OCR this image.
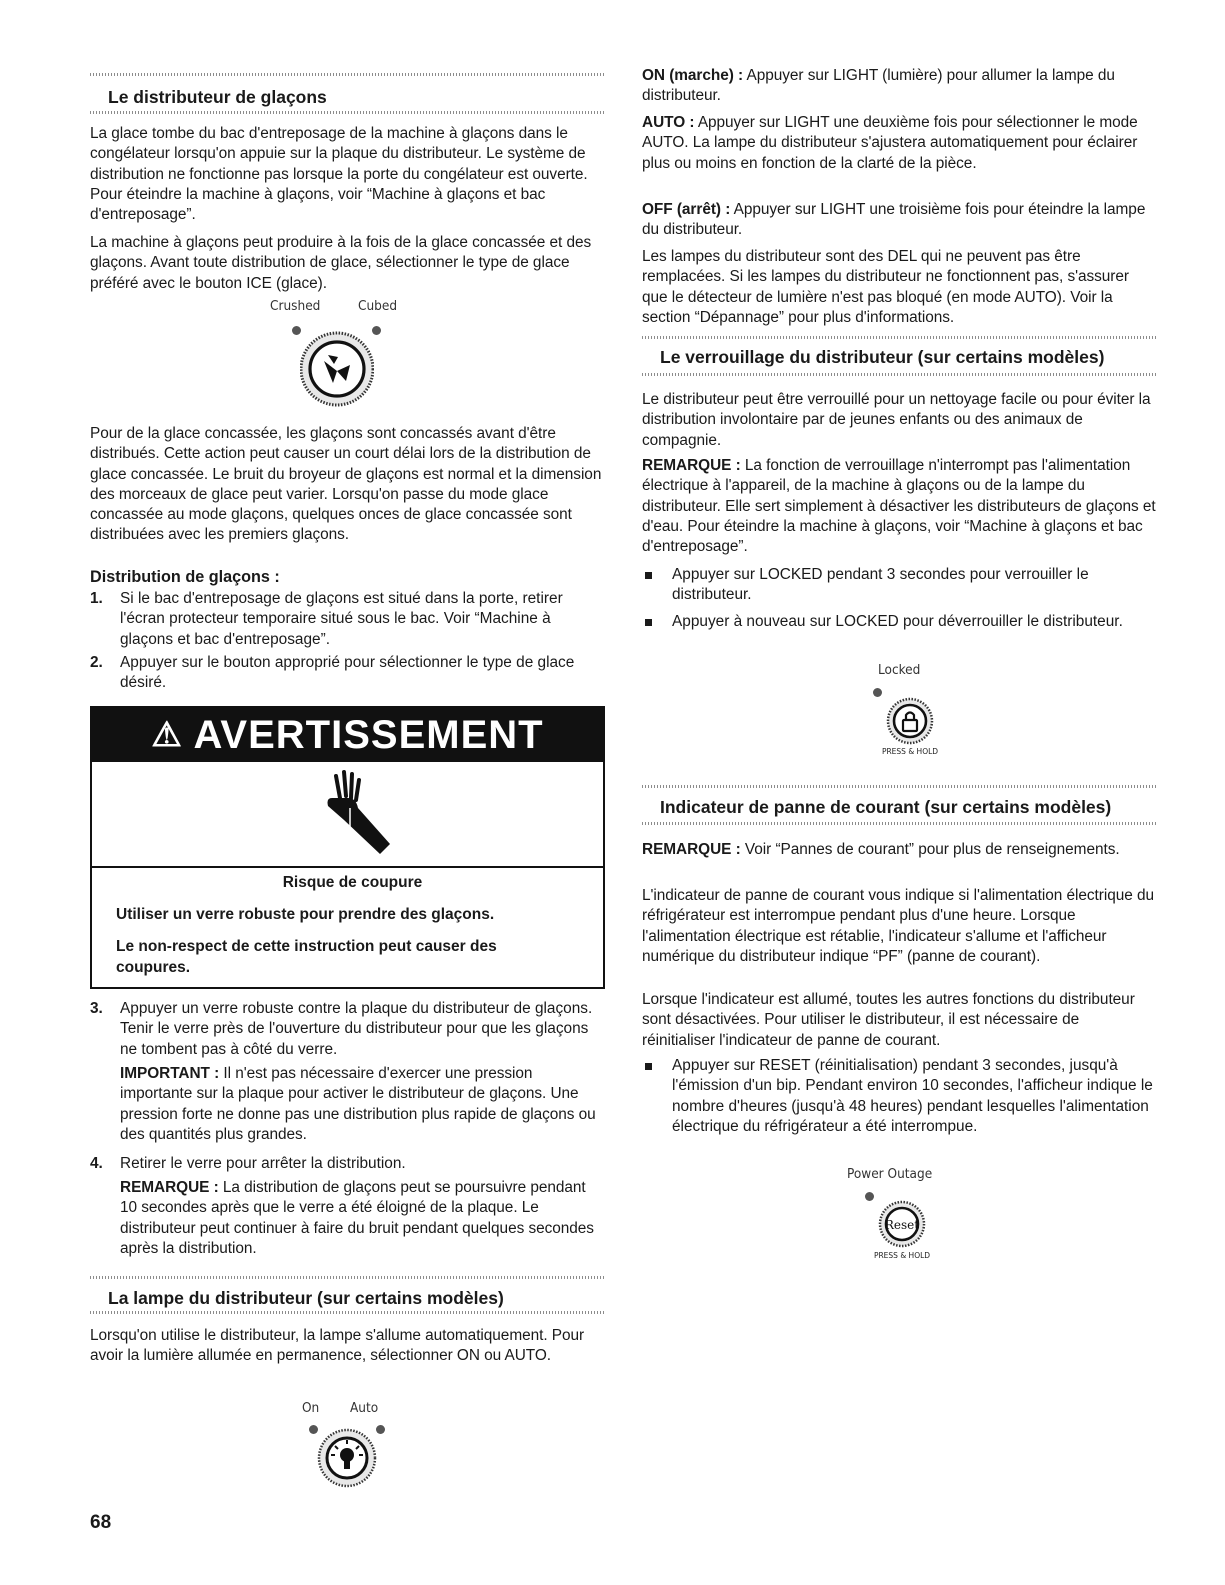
Le distributeur de glaçons

La glace tombe du bac d'entreposage de la machine à glaçons dans le congélateur lorsqu'on appuie sur la plaque du distributeur. Le système de distribution ne fonctionne pas lorsque la porte du congélateur est ouverte. Pour éteindre la machine à glaçons, voir “Machine à glaçons et bac d'entreposage”.

La machine à glaçons peut produire à la fois de la glace concassée et des glaçons. Avant toute distribution de glace, sélectionner le type de glace préféré avec le bouton ICE (glace).

Crushed	Cubed

Pour de la glace concassée, les glaçons sont concassés avant d'être distribués. Cette action peut causer un court délai lors de la distribution de glace concassée. Le bruit du broyeur de glaçons est normal et la dimension des morceaux de glace peut varier. Lorsqu'on passe du mode glace concassée au mode glaçons, quelques onces de glace concassée sont distribuées avec les premiers glaçons.

Distribution de glaçons :
1. Si le bac d'entreposage de glaçons est situé dans la porte, retirer l'écran protecteur temporaire situé sous le bac. Voir “Machine à glaçons et bac d'entreposage”.
2. Appuyer sur le bouton approprié pour sélectionner le type de glace désiré.
⚠ AVERTISSEMENT
Risque de coupure
Utiliser un verre robuste pour prendre des glaçons.
Le non-respect de cette instruction peut causer des coupures.
3. Appuyer un verre robuste contre la plaque du distributeur de glaçons. Tenir le verre près de l'ouverture du distributeur pour que les glaçons ne tombent pas à côté du verre.

IMPORTANT : Il n'est pas nécessaire d'exercer une pression importante sur la plaque pour activer le distributeur de glaçons. Une pression forte ne donne pas une distribution plus rapide de glaçons ou des quantités plus grandes.

4. Retirer le verre pour arrêter la distribution.

REMARQUE : La distribution de glaçons peut se poursuivre pendant 10 secondes après que le verre a été éloigné de la plaque. Le distributeur peut continuer à faire du bruit pendant quelques secondes après la distribution.

La lampe du distributeur (sur certains modèles)

Lorsqu'on utilise le distributeur, la lampe s'allume automatiquement. Pour avoir la lumière allumée en permanence, sélectionner ON ou AUTO.

On Auto

ON (marche) : Appuyer sur LIGHT (lumière) pour allumer la lampe du distributeur.

AUTO : Appuyer sur LIGHT une deuxième fois pour sélectionner le mode AUTO. La lampe du distributeur s'ajustera automatiquement pour éclairer plus ou moins en fonction de la clarté de la pièce.

OFF (arrêt) : Appuyer sur LIGHT une troisième fois pour éteindre la lampe du distributeur.

Les lampes du distributeur sont des DEL qui ne peuvent pas être remplacées. Si les lampes du distributeur ne fonctionnent pas, s'assurer que le détecteur de lumière n'est pas bloqué (en mode AUTO). Voir la section “Dépannage” pour plus d'informations.

Le verrouillage du distributeur (sur certains modèles)

Le distributeur peut être verrouillé pour un nettoyage facile ou pour éviter la distribution involontaire par de jeunes enfants ou des animaux de compagnie.

REMARQUE : La fonction de verrouillage n'interrompt pas l'alimentation électrique à l'appareil, de la machine à glaçons ou de la lampe du distributeur. Elle sert simplement à désactiver les distributeurs de glaçons et d'eau. Pour éteindre la machine à glaçons, voir “Machine à glaçons et bac d'entreposage”.

Appuyer sur LOCKED pendant 3 secondes pour verrouiller le distributeur.
Appuyer à nouveau sur LOCKED pour déverrouiller le distributeur.
Locked
PRESS & HOLD
Indicateur de panne de courant (sur certains modèles)

REMARQUE : Voir “Pannes de courant” pour plus de renseignements.

L'indicateur de panne de courant vous indique si l'alimentation électrique du réfrigérateur est interrompue pendant plus d'une heure. Lorsque l'alimentation électrique est rétablie, l'indicateur s'allume et l'afficheur numérique du distributeur indique “PF” (panne de courant).

Lorsque l'indicateur est allumé, toutes les autres fonctions du distributeur sont désactivées. Pour utiliser le distributeur, il est nécessaire de réinitialiser l'indicateur de panne de courant.

Appuyer sur RESET (réinitialisation) pendant 3 secondes, jusqu'à l'émission d'un bip. Pendant environ 10 secondes, l'afficheur indique le nombre d'heures (jusqu'à 48 heures) pendant lesquelles l'alimentation électrique du réfrigérateur a été interrompue.
Power Outage
Reset
PRESS & HOLD
68
